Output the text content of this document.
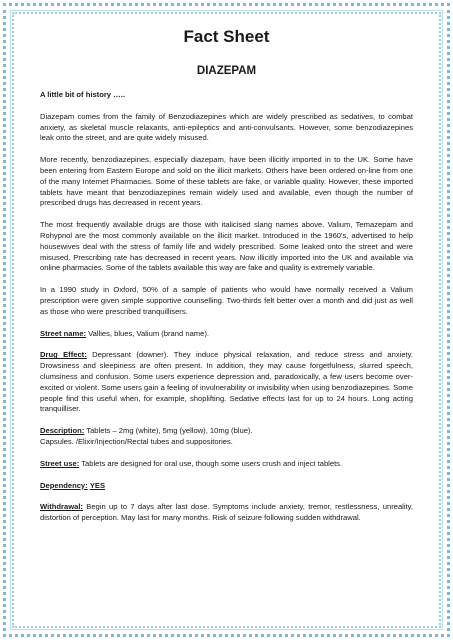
Fact Sheet
DIAZEPAM

A little bit of history …..

Diazepam comes from the family of Benzodiazepines which are widely prescribed as sedatives, to combat anxiety, as skeletal muscle relaxants, anti-epileptics and anti-convulsants. However, some benzodiazepines leak onto the street, and are quite widely misused.

More recently, benzodiazepines, especially diazepam, have been illicitly imported in to the UK. Some have been entering from Eastern Europe and sold on the illicit markets. Others have been ordered on-line from one of the many Internet Pharmacies. Some of these tablets are fake, or variable quality. However, these imported tablets have meant that benzodiazepines remain widely used and available, even though the number of prescribed drugs has decreased in recent years.

The most frequently available drugs are those with italicised slang names above. Valium, Temazepam and Rohypnol are the most commonly available on the illicit market. Introduced in the 1960's, advertised to help housewives deal with the stress of family life and widely prescribed. Some leaked onto the street and were misused. Prescribing rate has decreased in recent years. Now illicitly imported into the UK and available via online pharmacies. Some of the tablets available this way are fake and quality is extremely variable.

In a 1990 study in Oxford, 50% of a sample of patients who would have normally received a Valium prescription were given simple supportive counselling. Two-thirds felt better over a month and did just as well as those who were prescribed tranquillisers.

Street name: Vallies, blues, Valium (brand name).

Drug Effect: Depressant (downer). They induce physical relaxation, and reduce stress and anxiety. Drowsiness and sleepiness are often present. In addition, they may cause forgetfulness, slurred speech, clumsiness and confusion. Some users experience depression and, paradoxically, a few users become over-excited or violent. Some users gain a feeling of invulnerability or invisibility when using benzodiazepines. Some people find this useful when, for example, shoplifting. Sedative effects last for up to 24 hours. Long acting tranquilliser.

Description: Tablets – 2mg (white), 5mg (yellow), 10mg (blue).

Capsules. /Elixir/Injection/Rectal tubes and suppositories.

Street use: Tablets are designed for oral use, though some users crush and inject tablets.

Dependency: YES

Withdrawal: Begin up to 7 days after last dose. Symptoms include anxiety, tremor, restlessness, unreality, distortion of perception. May last for many months. Risk of seizure following sudden withdrawal.
